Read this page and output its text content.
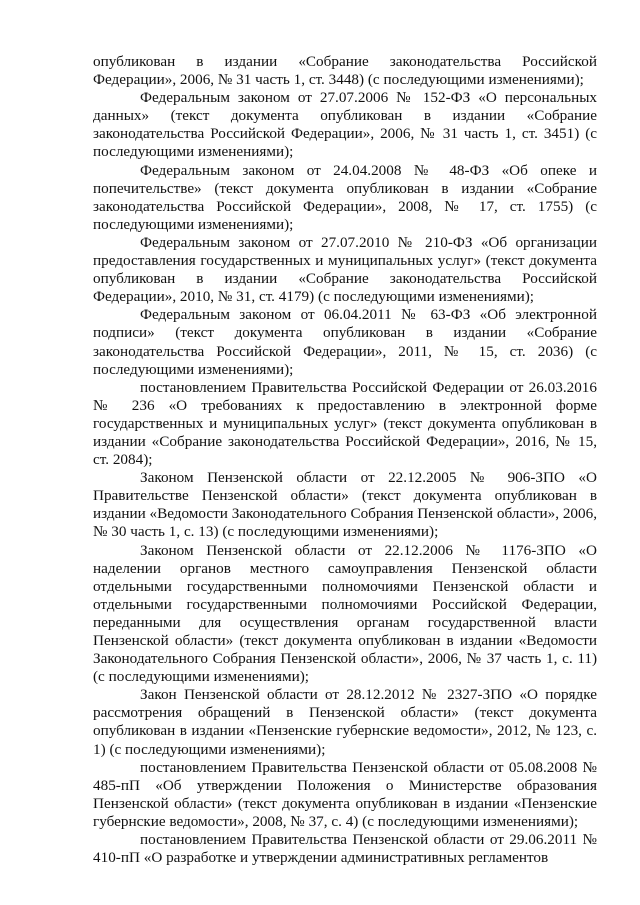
опубликован в издании «Собрание законодательства Российской Федерации», 2006, № 31 часть 1, ст. 3448) (с последующими изменениями);

Федеральным законом от 27.07.2006 № 152-ФЗ «О персональных данных» (текст документа опубликован в издании «Собрание законодательства Российской Федерации», 2006, № 31 часть 1, ст. 3451) (с последующими изменениями);

Федеральным законом от 24.04.2008 № 48-ФЗ «Об опеке и попечительстве» (текст документа опубликован в издании «Собрание законодательства Российской Федерации», 2008, № 17, ст. 1755) (с последующими изменениями);

Федеральным законом от 27.07.2010 № 210-ФЗ «Об организации предоставления государственных и муниципальных услуг» (текст документа опубликован в издании «Собрание законодательства Российской Федерации», 2010, № 31, ст. 4179) (с последующими изменениями);

Федеральным законом от 06.04.2011 № 63-ФЗ «Об электронной подписи» (текст документа опубликован в издании «Собрание законодательства Российской Федерации», 2011, № 15, ст. 2036) (с последующими изменениями);

постановлением Правительства Российской Федерации от 26.03.2016 № 236 «О требованиях к предоставлению в электронной форме государственных и муниципальных услуг» (текст документа опубликован в издании «Собрание законодательства Российской Федерации», 2016, № 15, ст. 2084);

Законом Пензенской области от 22.12.2005 № 906-ЗПО «О Правительстве Пензенской области» (текст документа опубликован в издании «Ведомости Законодательного Собрания Пензенской области», 2006, № 30 часть 1, с. 13) (с последующими изменениями);

Законом Пензенской области от 22.12.2006 № 1176-ЗПО «О наделении органов местного самоуправления Пензенской области отдельными государственными полномочиями Пензенской области и отдельными государственными полномочиями Российской Федерации, переданными для осуществления органам государственной власти Пензенской области» (текст документа опубликован в издании «Ведомости Законодательного Собрания Пензенской области», 2006, № 37 часть 1, с. 11) (с последующими изменениями);

Закон Пензенской области от 28.12.2012 № 2327-ЗПО «О порядке рассмотрения обращений в Пензенской области» (текст документа опубликован в издании «Пензенские губернские ведомости», 2012, № 123, с. 1) (с последующими изменениями);

постановлением Правительства Пензенской области от 05.08.2008 № 485-пП «Об утверждении Положения о Министерстве образования Пензенской области» (текст документа опубликован в издании «Пензенские губернские ведомости», 2008, № 37, с. 4) (с последующими изменениями);

постановлением Правительства Пензенской области от 29.06.2011 № 410-пП «О разработке и утверждении административных регламентов
